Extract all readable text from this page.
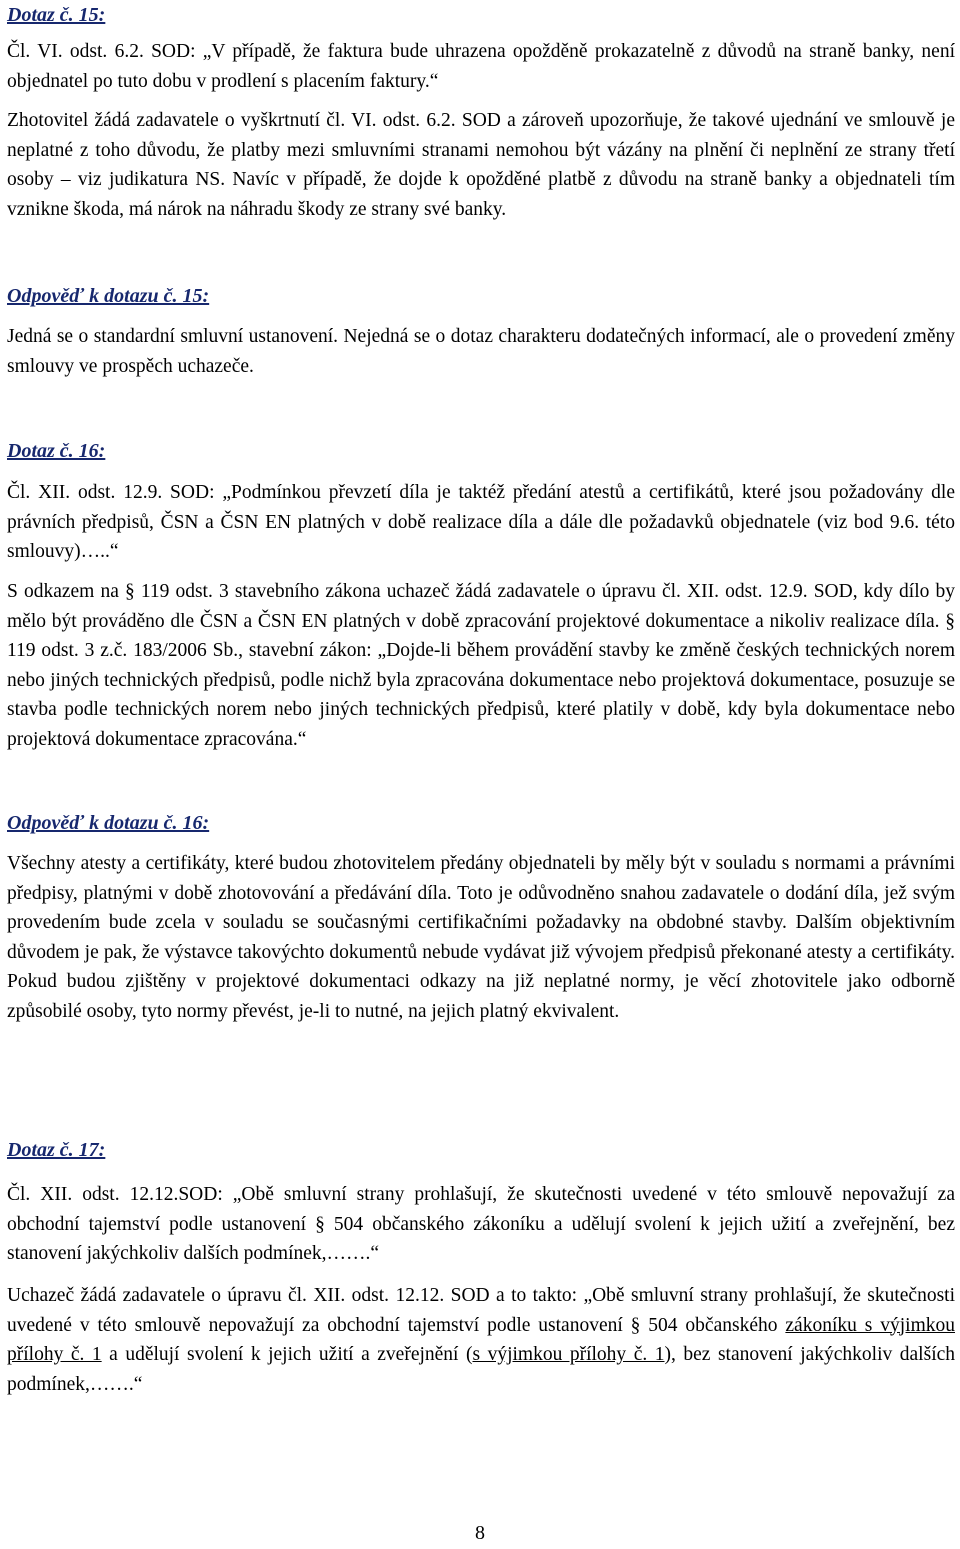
Dotaz č. 15:

Čl. VI. odst. 6.2. SOD: „V případě, že faktura bude uhrazena opožděně prokazatelně z důvodů na straně banky, není objednatel po tuto dobu v prodlení s placením faktury.“

Zhotovitel žádá zadavatele o vyškrtnutí čl. VI. odst. 6.2. SOD a zároveň upozorňuje, že takové ujednání ve smlouvě je neplatné z toho důvodu, že platby mezi smluvními stranami nemohou být vázány na plnění či neplnění ze strany třetí osoby – viz judikatura NS. Navíc v případě, že dojde k opožděné platbě z důvodu na straně banky a objednateli tím vznikne škoda, má nárok na náhradu škody ze strany své banky.

Odpověď k dotazu č. 15:

Jedná se o standardní smluvní ustanovení. Nejedná se o dotaz charakteru dodatečných informací, ale o provedení změny smlouvy ve prospěch uchazeče.

Dotaz č. 16:

Čl. XII. odst. 12.9. SOD: „Podmínkou převzetí díla je taktéž předání atestů a certifikátů, které jsou požadovány dle právních předpisů, ČSN a ČSN EN platných v době realizace díla a dále dle požadavků objednatele (viz bod 9.6. této smlouvy)…..“

S odkazem na § 119 odst. 3 stavebního zákona uchazeč žádá zadavatele o úpravu čl. XII. odst. 12.9. SOD, kdy dílo by mělo být prováděno dle ČSN a ČSN EN platných v době zpracování projektové dokumentace a nikoliv realizace díla. § 119 odst. 3 z.č. 183/2006 Sb., stavební zákon: „Dojde-li během provádění stavby ke změně českých technických norem nebo jiných technických předpisů, podle nichž byla zpracována dokumentace nebo projektová dokumentace, posuzuje se stavba podle technických norem nebo jiných technických předpisů, které platily v době, kdy byla dokumentace nebo projektová dokumentace zpracována.“

Odpověď k dotazu č. 16:

Všechny atesty a certifikáty, které budou zhotovitelem předány objednateli by měly být v souladu s normami a právními předpisy, platnými v době zhotovování a předávání díla. Toto je odůvodněno snahou zadavatele o dodání díla, jež svým provedením bude zcela v souladu se současnými certifikačními požadavky na obdobné stavby. Dalším objektivním důvodem je pak, že výstavce takovýchto dokumentů nebude vydávat již vývojem předpisů překonané atesty a certifikáty. Pokud budou zjištěny v projektové dokumentaci odkazy na již neplatné normy, je věcí zhotovitele jako odborně způsobilé osoby, tyto normy převést, je-li to nutné, na jejich platný ekvivalent.

Dotaz č. 17:

Čl. XII. odst. 12.12.SOD: „Obě smluvní strany prohlašují, že skutečnosti uvedené v této smlouvě nepovažují za obchodní tajemství podle ustanovení § 504 občanského zákoníku a udělují svolení k jejich užití a zveřejnění, bez stanovení jakýchkoliv dalších podmínek,…….“

Uchazeč žádá zadavatele o úpravu čl. XII. odst. 12.12. SOD a to takto: „Obě smluvní strany prohlašují, že skutečnosti uvedené v této smlouvě nepovažují za obchodní tajemství podle ustanovení § 504 občanského zákoníku s výjimkou přílohy č. 1 a udělují svolení k jejich užití a zveřejnění (s výjimkou přílohy č. 1), bez stanovení jakýchkoliv dalších podmínek,…….“

8
